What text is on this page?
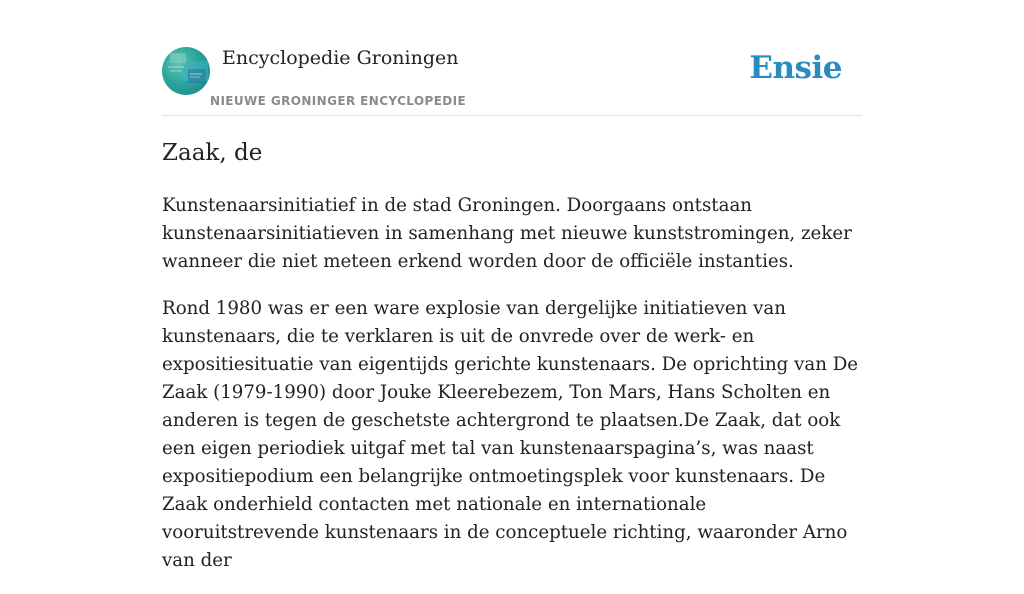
Encyclopedie Groningen
NIEUWE GRONINGER ENCYCLOPEDIE
Ensie
Zaak, de

Kunstenaarsinitiatief in de stad Groningen. Doorgaans ontstaan kunstenaarsinitiatieven in samenhang met nieuwe kunststromingen, zeker wanneer die niet meteen erkend worden door de officiële instanties.

Rond 1980 was er een ware explosie van dergelijke initiatieven van kunstenaars, die te verklaren is uit de onvrede over de werk- en expositiesituatie van eigentijds gerichte kunstenaars. De oprichting van De Zaak (1979-1990) door Jouke Kleerebezem, Ton Mars, Hans Scholten en anderen is tegen de geschetste achtergrond te plaatsen.De Zaak, dat ook een eigen periodiek uitgaf met tal van kunstenaarspagina’s, was naast expositiepodium een belangrijke ontmoetingsplek voor kunstenaars. De Zaak onderhield contacten met nationale en internationale vooruitstrevende kunstenaars in de conceptuele richting, waaronder Arno van der
